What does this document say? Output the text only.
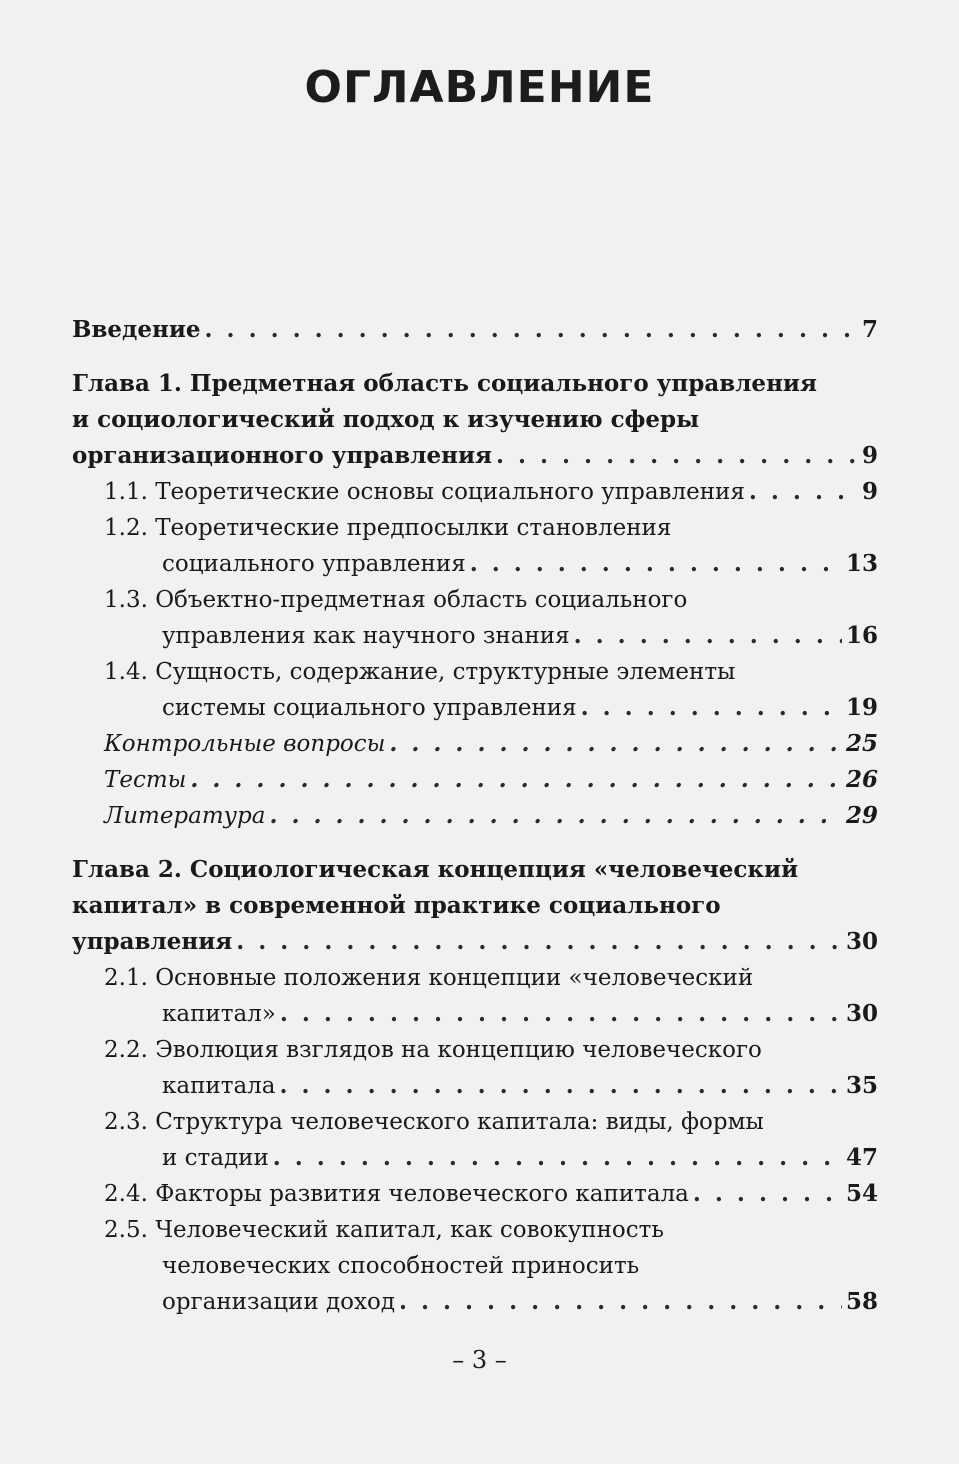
ОГЛАВЛЕНИЕ
Введение . . .	7
Глава 1. Предметная область социального управления
и социологический подход к изучению сферы
организационного управления . . .	9
1.1. Теоретические основы социального управления . . .	9
1.2. Теоретические предпосылки становления
социального управления . . .	13
1.3. Объектно-предметная область социального
управления как научного знания . . .	16
1.4. Сущность, содержание, структурные элементы
системы социального управления . . .	19
Контрольные вопросы . . .	25
Тесты . . .	26
Литература . . .	29
Глава 2. Социологическая концепция «человеческий
капитал» в современной практике социального
управления . . .	30
2.1. Основные положения концепции «человеческий
капитал» . . .	30
2.2. Эволюция взглядов на концепцию человеческого
капитала . . .	35
2.3. Структура человеческого капитала: виды, формы
и стадии . . .	47
2.4. Факторы развития человеческого капитала . . .	54
2.5. Человеческий капитал, как совокупность
человеческих способностей приносить
организации доход . . .	58
– 3 –
